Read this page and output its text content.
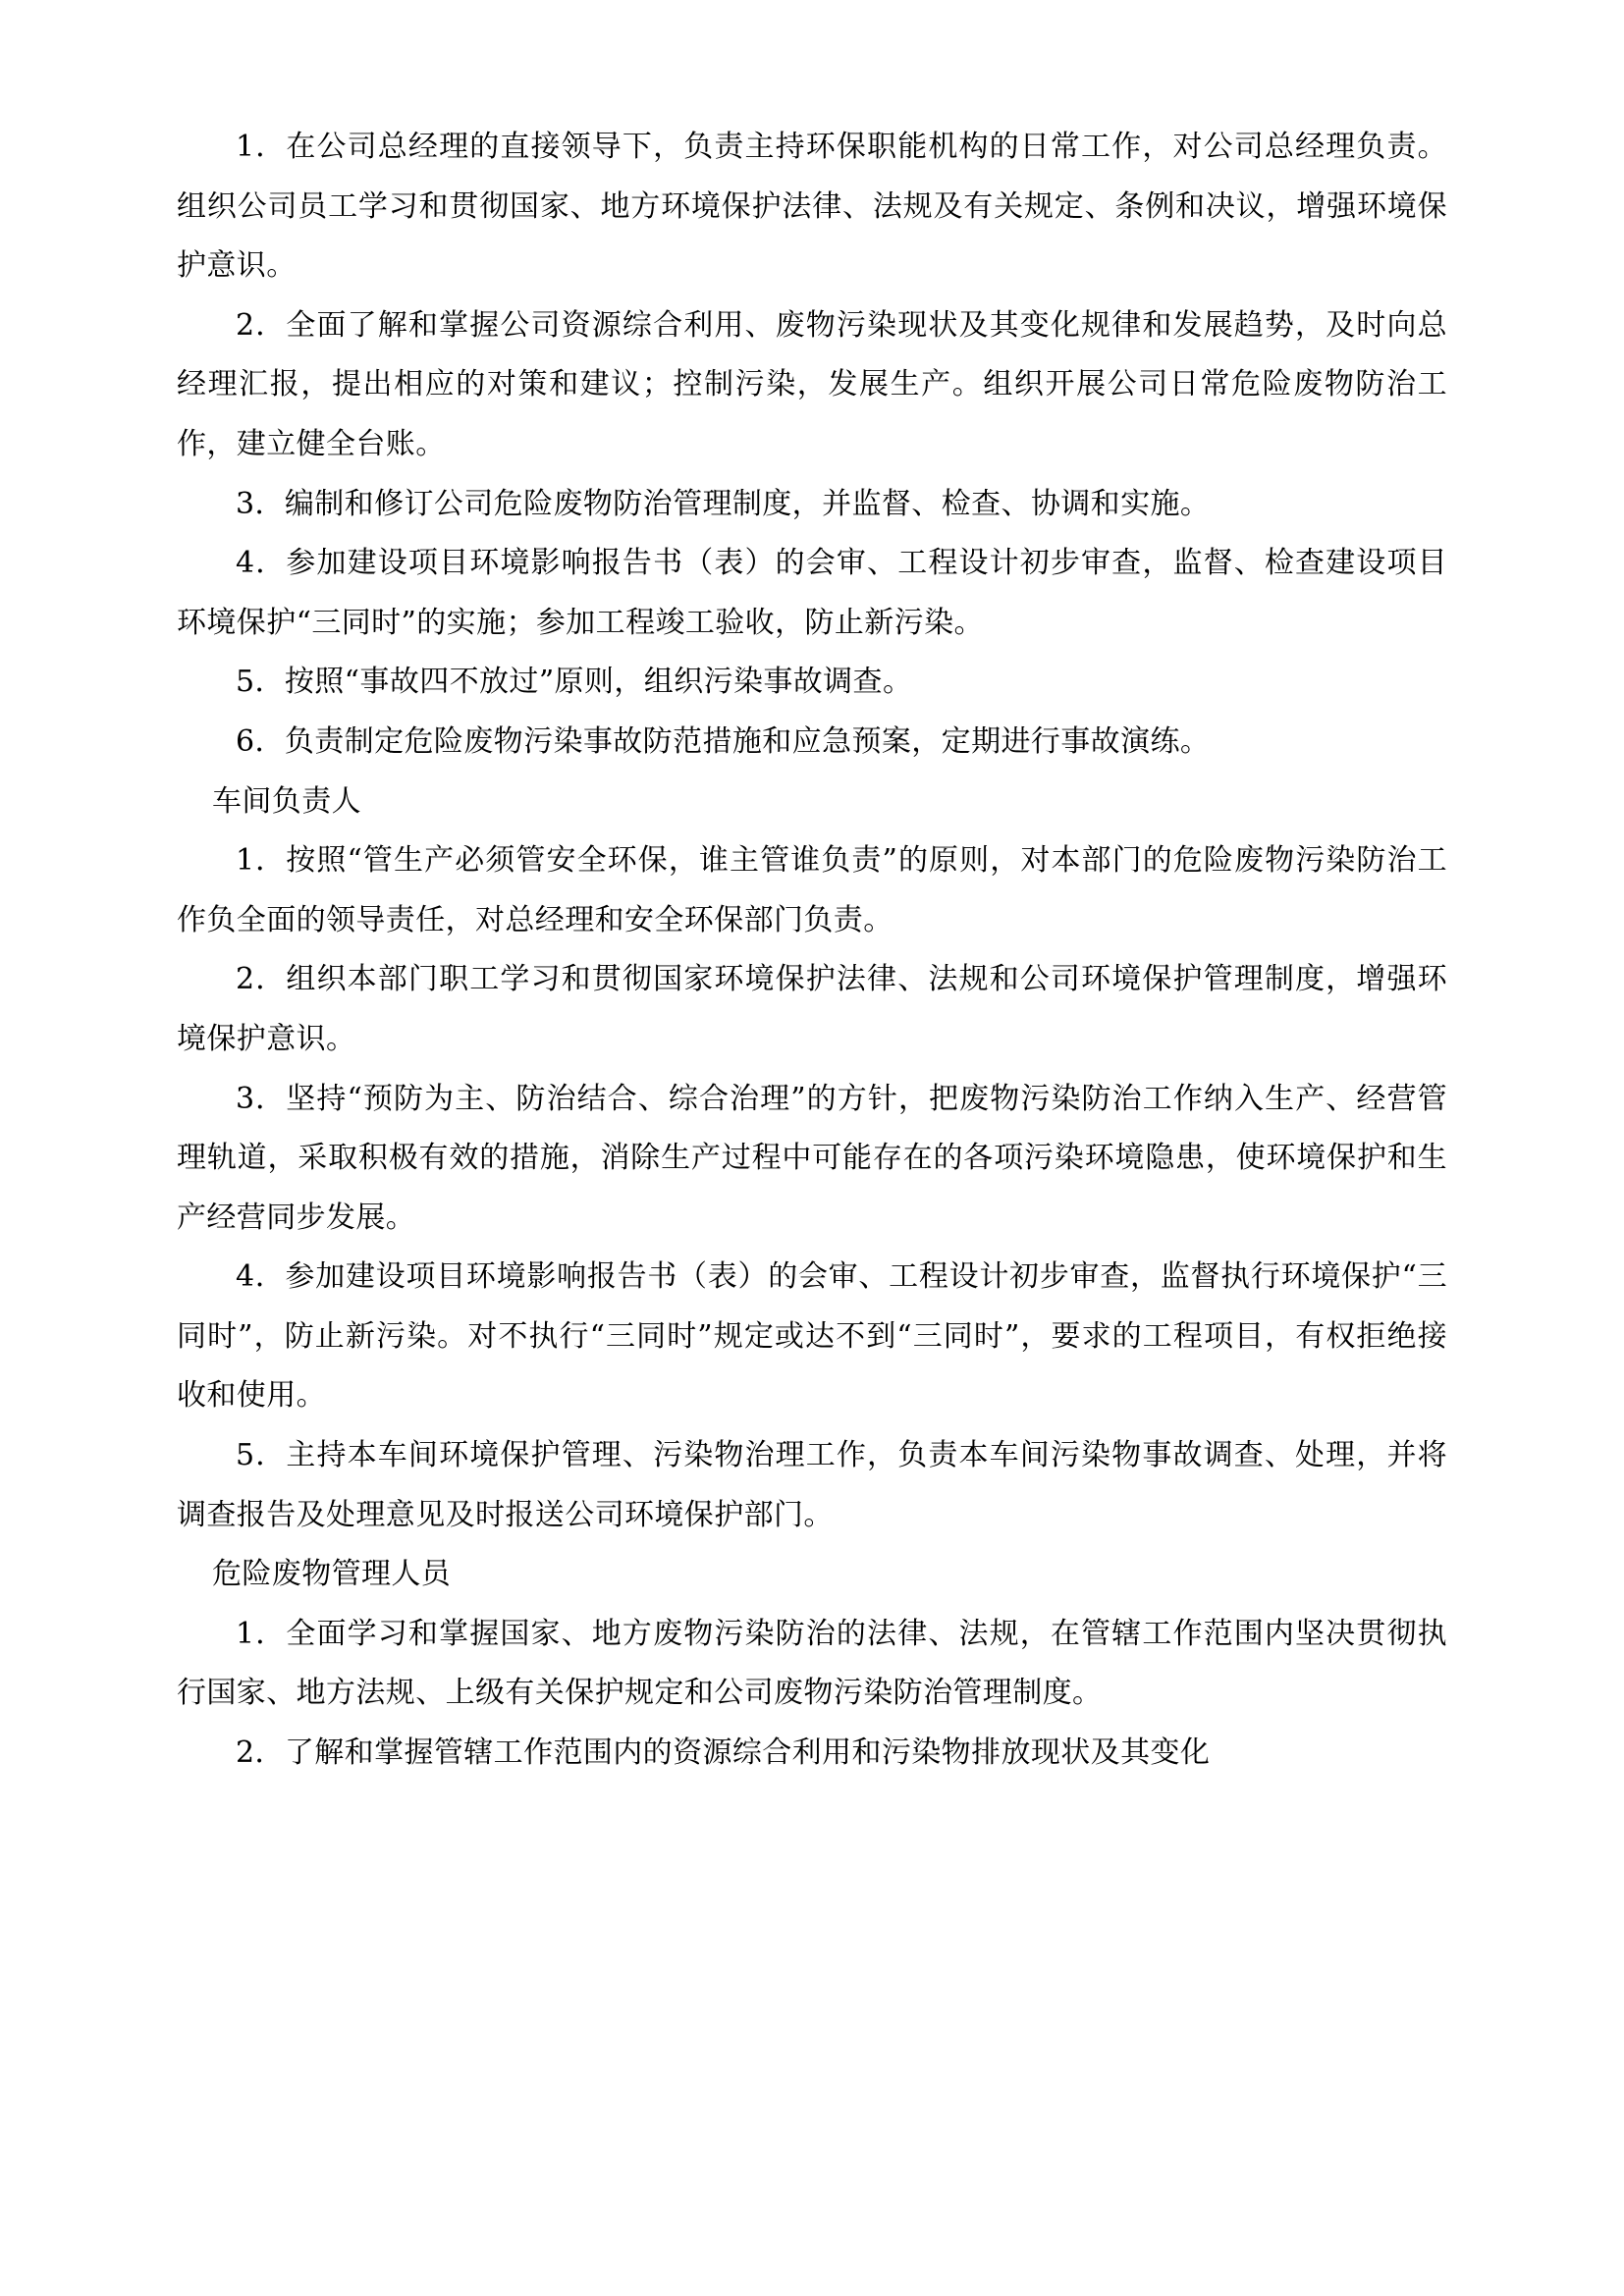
1．在公司总经理的直接领导下，负责主持环保职能机构的日常工作，对公司总经理负责。组织公司员工学习和贯彻国家、地方环境保护法律、法规及有关规定、条例和决议，增强环境保护意识。

2．全面了解和掌握公司资源综合利用、废物污染现状及其变化规律和发展趋势，及时向总经理汇报，提出相应的对策和建议；控制污染，发展生产。组织开展公司日常危险废物防治工作，建立健全台账。

3．编制和修订公司危险废物防治管理制度，并监督、检查、协调和实施。

4．参加建设项目环境影响报告书（表）的会审、工程设计初步审查，监督、检查建设项目环境保护“三同时”的实施；参加工程竣工验收，防止新污染。

5．按照“事故四不放过”原则，组织污染事故调查。

6．负责制定危险废物污染事故防范措施和应急预案，定期进行事故演练。

车间负责人

1．按照“管生产必须管安全环保，谁主管谁负责”的原则，对本部门的危险废物污染防治工作负全面的领导责任，对总经理和安全环保部门负责。

2．组织本部门职工学习和贯彻国家环境保护法律、法规和公司环境保护管理制度，增强环境保护意识。

3．坚持“预防为主、防治结合、综合治理”的方针，把废物污染防治工作纳入生产、经营管理轨道，采取积极有效的措施，消除生产过程中可能存在的各项污染环境隐患，使环境保护和生产经营同步发展。

4．参加建设项目环境影响报告书（表）的会审、工程设计初步审查，监督执行环境保护“三同时”，防止新污染。对不执行“三同时”规定或达不到“三同时”，要求的工程项目，有权拒绝接收和使用。

5．主持本车间环境保护管理、污染物治理工作，负责本车间污染物事故调查、处理，并将调查报告及处理意见及时报送公司环境保护部门。

危险废物管理人员

1．全面学习和掌握国家、地方废物污染防治的法律、法规，在管辖工作范围内坚决贯彻执行国家、地方法规、上级有关保护规定和公司废物污染防治管理制度。

2．了解和掌握管辖工作范围内的资源综合利用和污染物排放现状及其变化
